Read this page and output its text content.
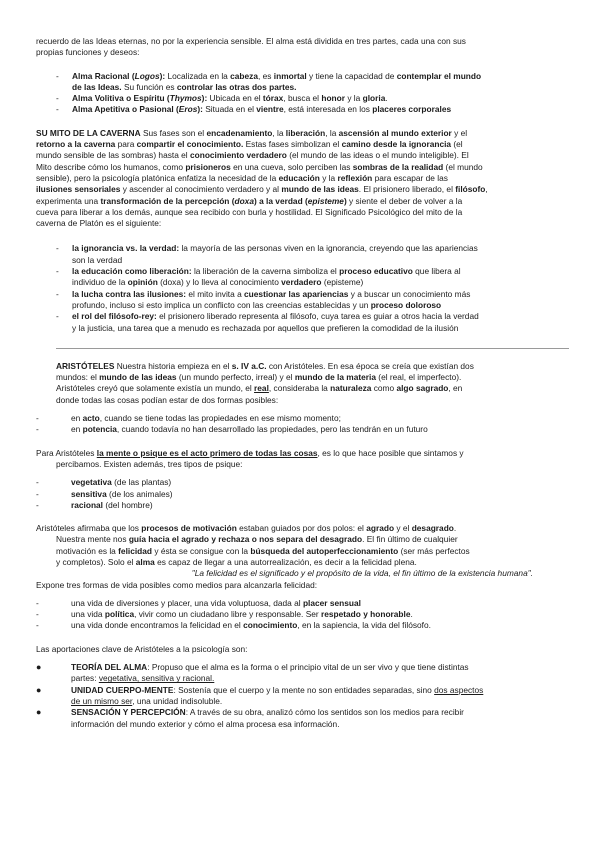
recuerdo de las Ideas eternas, no por la experiencia sensible. El alma está dividida en tres partes, cada una con sus
propias funciones y deseos:

- Alma Racional (Logos): Localizada en la cabeza, es inmortal y tiene la capacidad de contemplar el mundo
de las Ideas. Su función es controlar las otras dos partes.
- Alma Volitiva o Espíritu (Thymos): Ubicada en el tórax, busca el honor y la gloria.
- Alma Apetitiva o Pasional (Eros): Situada en el vientre, está interesada en los placeres corporales

SU MITO DE LA CAVERNA Sus fases son el encadenamiento, la liberación, la ascensión al mundo exterior y el
retorno a la caverna para compartir el conocimiento. Estas fases simbolizan el camino desde la ignorancia (el
mundo sensible de las sombras) hasta el conocimiento verdadero (el mundo de las ideas o el mundo inteligible). El
Mito describe cómo los humanos, como prisioneros en una cueva, solo perciben las sombras de la realidad (el mundo
sensible), pero la psicología platónica enfatiza la necesidad de la educación y la reflexión para escapar de las
ilusiones sensoriales y ascender al conocimiento verdadero y al mundo de las ideas. El prisionero liberado, el filósofo,
experimenta una transformación de la percepción (doxa) a la verdad (episteme) y siente el deber de volver a la
cueva para liberar a los demás, aunque sea recibido con burla y hostilidad. El Significado Psicológico del mito de la
caverna de Platón es el siguiente:

- la ignorancia vs. la verdad: la mayoría de las personas viven en la ignorancia, creyendo que las apariencias
son la verdad
- la educación como liberación: la liberación de la caverna simboliza el proceso educativo que libera al
individuo de la opinión (doxa) y lo lleva al conocimiento verdadero (episteme)
- la lucha contra las ilusiones: el mito invita a cuestionar las apariencias y a buscar un conocimiento más
profundo, incluso si esto implica un conflicto con las creencias establecidas y un proceso doloroso
- el rol del filósofo-rey: el prisionero liberado representa al filósofo, cuya tarea es guiar a otros hacia la verdad
y la justicia, una tarea que a menudo es rechazada por aquellos que prefieren la comodidad de la ilusión

ARISTÓTELES Nuestra historia empieza en el s. IV a.C. con Aristóteles. En esa época se creía que existían dos
mundos: el mundo de las ideas (un mundo perfecto, irreal) y el mundo de la materia (el real, el imperfecto).
Aristóteles creyó que solamente existía un mundo, el real, consideraba la naturaleza como algo sagrado, en
donde todas las cosas podían estar de dos formas posibles:

-	en acto, cuando se tiene todas las propiedades en ese mismo momento;
-	en potencia, cuando todavía no han desarrollado las propiedades, pero las tendrán en un futuro

Para Aristóteles la mente o psique es el acto primero de todas las cosas, es lo que hace posible que sintamos y
percibamos. Existen además, tres tipos de psique:

-	vegetativa (de las plantas)
-	sensitiva (de los animales)
-	racional (del hombre)

Aristóteles afirmaba que los procesos de motivación estaban guiados por dos polos: el agrado y el desagrado.
Nuestra mente nos guía hacia el agrado y rechaza o nos separa del desagrado. El fin último de cualquier
motivación es la felicidad y ésta se consigue con la búsqueda del autoperfeccionamiento (ser más perfectos
y completos). Solo el alma es capaz de llegar a una autorrealización, es decir a la felicidad plena.

"La felicidad es el significado y el propósito de la vida, el fin último de la existencia humana".

Expone tres formas de vida posibles como medios para alcanzarla felicidad:

-	una vida de diversiones y placer, una vida voluptuosa, dada al placer sensual
-	una vida política, vivir como un ciudadano libre y responsable. Ser respetado y honorable.
-	una vida donde encontramos la felicidad en el conocimiento, en la sapiencia, la vida del filósofo.

Las aportaciones clave de Aristóteles a la psicología son:

●	TEORÍA DEL ALMA: Propuso que el alma es la forma o el principio vital de un ser vivo y que tiene distintas
partes: vegetativa, sensitiva y racional.
●	UNIDAD CUERPO-MENTE: Sostenía que el cuerpo y la mente no son entidades separadas, sino dos aspectos
de un mismo ser, una unidad indisoluble.
●	SENSACIÓN Y PERCEPCIÓN: A través de su obra, analizó cómo los sentidos son los medios para recibir
información del mundo exterior y cómo el alma procesa esa información.
